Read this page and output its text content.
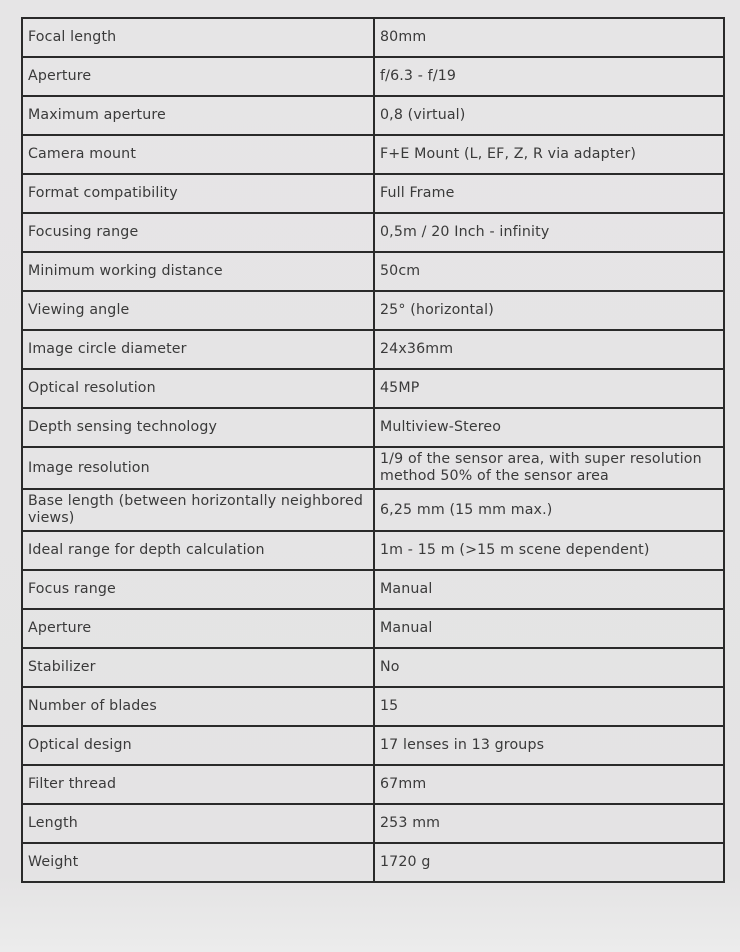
Focal length	80mm
Aperture	f/6.3 - f/19
Maximum aperture	0,8 (virtual)
Camera mount	F+E Mount (L, EF, Z, R via adapter)
Format compatibility	Full Frame
Focusing range	0,5m / 20 Inch - infinity
Minimum working distance	50cm
Viewing angle	25° (horizontal)
Image circle diameter	24x36mm
Optical resolution	45MP
Depth sensing technology	Multiview-Stereo
Image resolution	1/9 of the sensor area, with super resolution method 50% of the sensor area
Base length (between horizontally neighbored views)	6,25 mm (15 mm max.)
Ideal range for depth calculation	1m - 15 m (>15 m scene dependent)
Focus range	Manual
Aperture	Manual
Stabilizer	No
Number of blades	15
Optical design	17 lenses in 13 groups
Filter thread	67mm
Length	253 mm
Weight	1720 g
